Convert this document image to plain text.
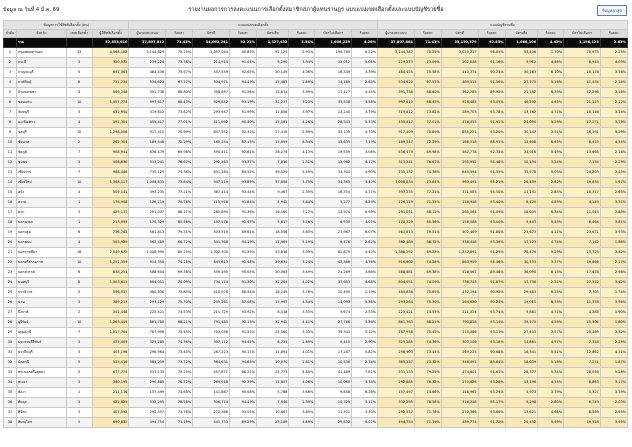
ข้อมูล ณ วันที่ 4 มี.ค. 69	รายงานผลการการลงคะแนนการเลือกตั้งสมาชิกสภาผู้แทนราษฎร แบบแบ่งเขตเลือกตั้งและแบบบัญชีรายชื่อ	ข้อมูลล่าสุด
ข้อมูลการใช้สิทธิเลือกตั้ง (คน)				แบบแบ่งเขตเลือกตั้ง								แบบบัญชีรายชื่อ							
ลำดับ	จังหวัด	เขตเลือกตั้ง	ผู้มีสิทธิเลือกตั้ง	ผู้มาลงคะแนน	ร้อยละ	บัตรดี	ร้อยละ	บัตรเสีย	ร้อยละ	บัตรไม่เลือกฯ	ร้อยละ	ผู้มาลงคะแนน	ร้อยละ	บัตรดี	ร้อยละ	บัตรเสีย	ร้อยละ	บัตรไม่เลือกฯ	ร้อยละ
	รวม		52,853,610	37,807,812	71.43%	34,062,241	92.21%	1,327,452	3.54%	1,606,259	4.26%	37,807,864	71.43%	35,150,579	92.85%	1,666,106	4.42%	1,196,125	2.63%
1	กรุงเทพมหานคร	33	4,568,182	3,144,829	70.25%	2,857,044	90.85%	92,125	2.93%	195,760	6.22%	3,144,387	70.25%	3,020,217	96.05%	53,406	1.70%	70,975	2.25%
2	กระบี่	3	320,572	239,224	73.38%	214,914	91.04%	9,290	3.94%	12,012	5.04%	229,273	73.09%	202,048	91.16%	9,912	4.46%	8,945	4.03%
3	กาญจนบุรี	5	697,563	484,436	75.57%	457,559	92.65%	20,149	4.06%	16,349	3.39%	484,455	75.58%	440,374	90.25%	30,283	6.10%	10,178	3.56%
4	กาฬสินธุ์	6	731,234	534,623	67.57%	504,971	94.49%	15,463	2.89%	14,189	2.65%	534,620	67.57%	489,515	91.56%	27,575	5.16%	11,434	2.14%
5	กำแพงเพชร	4	569,348	391,738	68.80%	358,697	91.56%	15,614	3.99%	17,427	4.45%	391,738	68.80%	362,285	89.92%	21,182	6.39%	12,298	3.16%
6	ขอนแก่น	10	1,457,774	997,617	68.43%	929,842	93.19%	32,237	3.23%	35,538	3.58%	997,610	68.43%	928,485	93.05%	46,202	4.65%	21,123	2.12%
7	จันทบุรี	3	432,950	319,612	73.82%	293,947	91.99%	12,856	3.97%	13,240	3.79%	319,612	73.82%	289,703	93.78%	13,762	4.37%	10,146	3.24%
8	ฉะเชิงเทรา	4	591,304	455,417	77.01%	411,692	90.40%	15,181	4.26%	28,543	5.33%	455,417	77.01%	416,055	91.91%	24,090	5.29%	17,271	3.79%
9	ชลบุรี	10	1,298,058	917,415	70.69%	847,552	92.31%	27,419	2.99%	43,135	4.70%	917,409	70.69%	855,221	93.20%	30,147	3.51%	16,191	5.29%
10	ชัยนาท	2	262,304	189,548	72.29%	165,254	87.15%	15,659	8.34%	13,635	7.19%	189,547	72.29%	168,518	88.91%	12,608	6.65%	8,415	4.54%
11	ชัยภูมิ	7	908,944	636,479	69.98%	590,411	92.81%	26,279	4.13%	19,559	3.06%	636,479	69.98%	587,778	92.35%	34,916	5.49%	13,665	2.16%
12	ชุมพร	3	408,636	313,241	76.67%	292,463	93.37%	7,816	2.51%	12,962	4.12%	313,241	76.67%	295,952	94.48%	10,134	3.24%	7,154	2.29%
13	เชียงราย	7	988,446	735,125	74.38%	631,284	89.52%	39,529	5.59%	34,301	4.90%	735,132	74.38%	645,594	91.55%	35,578	5.05%	24,203	3.43%
14	เชียงใหม่	10	1,368,117	1,008,835	73.84%	947,219	93.89%	37,858	3.75%	34,365	3.40%	1,008,834	73.84%	960,491	95.21%	28,459	2.82%	19,834	1.97%
15	ตรัง	4	509,141	393,235	77.21%	367,414	93.44%	9,467	2.39%	16,354	4.17%	393,235	77.21%	371,585	94.50%	11,241	2.85%	10,317	2.65%
16	ตราด	1	176,908	126,219	70.76%	115,918	91.84%	4,942	3.64%	5,277	4.29%	126,219	71.35%	118,948	93.40%	6,120	4.85%	4,149	3.31%
17	ตาก	3	425,137	291,037	68.11%	265,894	91.36%	16,160	7.27%	14,974	6.99%	291,051	68.11%	265,564	91.09%	18,035	6.34%	11,045	3.83%
18	นครนายก	1	213,999	170,329	80.56%	157,578	92.47%	5,817	3.76%	6,930	4.07%	170,329	80.56%	158,588	93.00%	9,443	5.43%	6,464	3.81%
19	นครปฐม	6	736,742	561,813	79.51%	503,510	89.61%	18,556	3.65%	27,967	6.07%	561,813	79.51%	502,469	91.80%	25,673	4.27%	23,671	3.93%
20	นครพนม	4	505,929	362,489	66.72%	341,368	94.19%	11,969	5.19%	9,478	2.62%	362,489	66.72%	338,448	93.39%	17,223	4.74%	7,142	1.86%
21	นครราชสีมา	16	2,049,672	1,408,990	69.25%	1,302,300	91.59%	43,816	3.09%	62,879	4.42%	1,388,292	69.23%	1,337,891	91.29%	78,476	5.29%	15,725	3.42%
22	นครศรีธรรมราช	10	1,251,359	914,350	74.28%	845,613	92.48%	29,634	3.24%	43,366	4.76%	916,802	74.28%	863,959	94.46%	30,533	3.37%	19,866	2.17%
23	นครสวรรค์	6	838,251	588,604	69.38%	559,495	95.05%	20,563	3.49%	21,269	3.66%	588,681	69.38%	526,567	89.46%	36,090	6.13%	17,678	2.98%
24	นนทบุรี	8	1,003,611	664,051	74.09%	734,114	91.30%	32,284	4.02%	37,653	4.68%	804,051	74.09%	738,743	91.87%	17,756	2.21%	27,552	3.42%
25	นราธิวาส	5	596,937	480,836	75.85%	415,976	86.54%	18,149	3.76%	10,495	2.19%	480,836	75.85%	437,194	90.92%	29,483	6.25%	7,703	1.74%
26	น่าน	3	389,213	293,129	75.30%	255,261	87.08%	15,997	4.54%	14,093	5.38%	293,264	75.30%	264,630	90.24%	19,011	6.33%	11,378	3.94%
27	บึงกาฬ	2	302,448	225,421	74.53%	211,729	93.92%	8,018	3.55%	5,674	2.53%	225,421	74.53%	211,324	93.74%	9,861	4.37%	4,285	1.90%
28	บุรีรัมย์	10	1,263,449	861,780	68.21%	791,485	92.15%	32,942	4.11%	27,766	3.36%	861,763	68.21%	790,828	93.14%	39,570	4.59%	15,504	1.80%
29	ปทุมธานี	7	1,017,764	767,958	75.45%	703,056	91.55%	25,560	3.33%	39,343	5.12%	767,958	75.45%	715,086	93.11%	27,403	3.57%	25,469	3.32%
30	ประจวบคีรีขันธ์	3	437,409	325,285	74.36%	307,112	94.41%	8,735	2.69%	9,415	2.90%	325,285	74.36%	303,106	93.18%	14,861	4.57%	7,318	2.25%
31	ปราจีนบุรี	3	405,196	296,964	73.40%	267,223	90.17%	11,894	4.01%	17,287	5.82%	296,903	73.44%	269,225	90.68%	16,341	5.51%	12,862	4.31%
32	ปัตตานี	5	525,416	385,259	73.32%	364,631	94.65%	10,070	2.61%	10,536	2.74%	385,237	73.32%	346,091	89.84%	18,039	5.18%	7,211	1.87%
33	พระนครศรีอยุธยา	5	677,774	531,133	79.25%	457,871	86.21%	25,773	4.85%	41,489	7.81%	531,133	79.25%	474,601	91.61%	28,377	5.34%	28,055	5.28%
34	พะเยา	3	380,195	290,885	76.32%	269,018	92.39%	11,807	4.06%	10,060	3.78%	292,885	76.32%	270,826	93.28%	13,196	4.55%	8,863	3.17%
35	พังงา	1	211,116	157,499	74.65%	141,867	90.08%	5,788	3.66%	9,858	6.26%	157,497	74.66%	146,962	93.29%	5,973	3.79%	5,327	3.39%
36	พัทลุง	3	422,825	332,295	78.58%	306,714	94.49%	7,946	2.39%	10,325	3.11%	332,295	78.58%	316,248	95.17%	9,298	2.80%	6,749	2.03%
37	พิจิตร	3	407,592	292,557	71.78%	270,366	93.05%	10,667	3.65%	11,501	3.30%	292,557	71.78%	270,366	93.66%	13,621	4.66%	8,569	2.93%
38	พิษณุโลก	5	690,632	494,754	71.19%	441,733	89.29%	23,189	4.69%	29,832	6.02%	494,754	71.19%	439,774	91.72%	25,452	5.49%	19,528	3.95%
